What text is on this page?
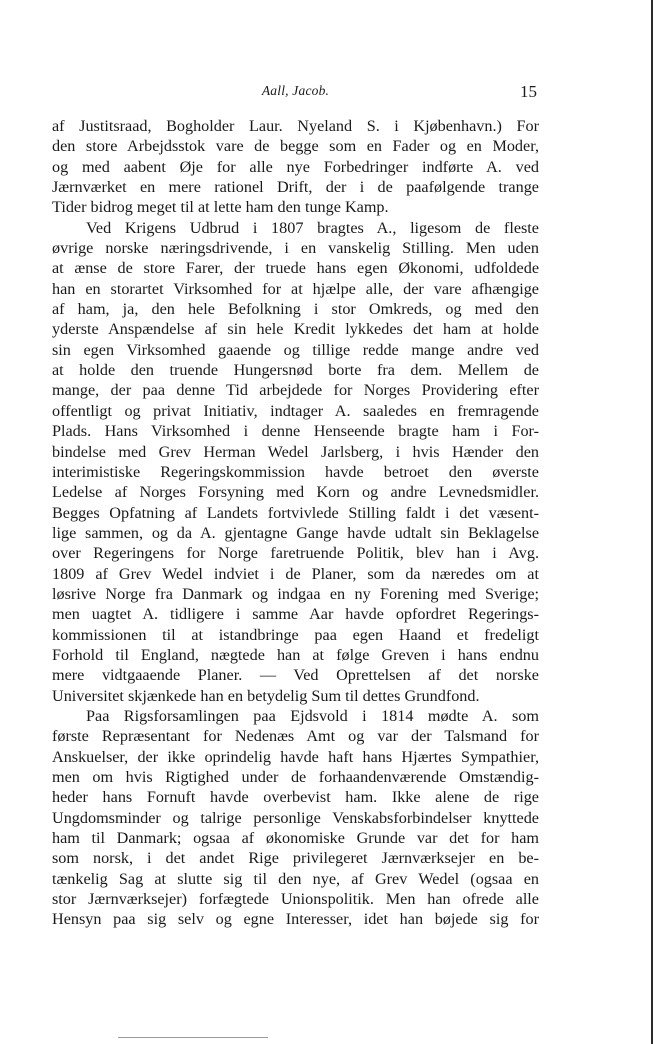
Aall, Jacob.	15
af Justitsraad, Bogholder Laur. Nyeland S. i Kjøbenhavn.) For
den store Arbejdsstok vare de begge som en Fader og en Moder,
og med aabent Øje for alle nye Forbedringer indførte A. ved
Jærnværket en mere rationel Drift, der i de paafølgende trange
Tider bidrog meget til at lette ham den tunge Kamp.
Ved Krigens Udbrud i 1807 bragtes A., ligesom de fleste
øvrige norske næringsdrivende, i en vanskelig Stilling. Men uden
at ænse de store Farer, der truede hans egen Økonomi, udfoldede
han en storartet Virksomhed for at hjælpe alle, der vare afhængige
af ham, ja, den hele Befolkning i stor Omkreds, og med den
yderste Anspændelse af sin hele Kredit lykkedes det ham at holde
sin egen Virksomhed gaaende og tillige redde mange andre ved
at holde den truende Hungersnød borte fra dem. Mellem de
mange, der paa denne Tid arbejdede for Norges Providering efter
offentligt og privat Initiativ, indtager A. saaledes en fremragende
Plads. Hans Virksomhed i denne Henseende bragte ham i For-
bindelse med Grev Herman Wedel Jarlsberg, i hvis Hænder den
interimistiske Regeringskommission havde betroet den øverste
Ledelse af Norges Forsyning med Korn og andre Levnedsmidler.
Begges Opfatning af Landets fortvivlede Stilling faldt i det væsent-
lige sammen, og da A. gjentagne Gange havde udtalt sin Beklagelse
over Regeringens for Norge faretruende Politik, blev han i Avg.
1809 af Grev Wedel indviet i de Planer, som da næredes om at
løsrive Norge fra Danmark og indgaa en ny Forening med Sverige;
men uagtet A. tidligere i samme Aar havde opfordret Regerings-
kommissionen til at istandbringe paa egen Haand et fredeligt
Forhold til England, nægtede han at følge Greven i hans endnu
mere vidtgaaende Planer. — Ved Oprettelsen af det norske
Universitet skjænkede han en betydelig Sum til dettes Grundfond.
Paa Rigsforsamlingen paa Ejdsvold i 1814 mødte A. som
første Repræsentant for Nedenæs Amt og var der Talsmand for
Anskuelser, der ikke oprindelig havde haft hans Hjærtes Sympathier,
men om hvis Rigtighed under de forhaandenværende Omstændig-
heder hans Fornuft havde overbevist ham. Ikke alene de rige
Ungdomsminder og talrige personlige Venskabsforbindelser knyttede
ham til Danmark; ogsaa af økonomiske Grunde var det for ham
som norsk, i det andet Rige privilegeret Jærnværksejer en be-
tænkelig Sag at slutte sig til den nye, af Grev Wedel (ogsaa en
stor Jærnværksejer) forfægtede Unionspolitik. Men han ofrede alle
Hensyn paa sig selv og egne Interesser, idet han bøjede sig for
